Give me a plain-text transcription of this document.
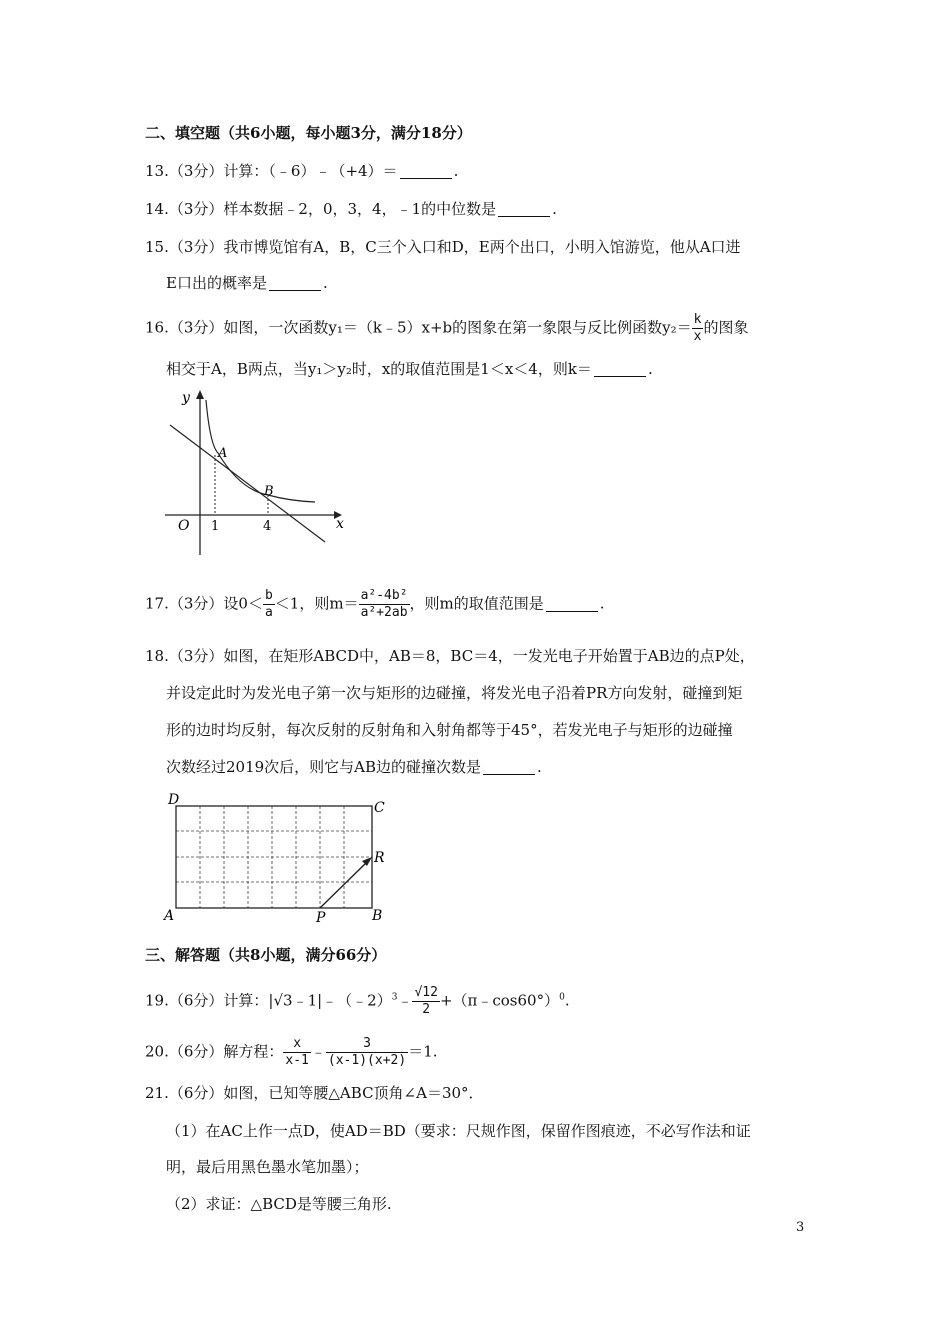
二、填空题（共6小题，每小题3分，满分18分）
13.（3分）计算：（﹣6）﹣（+4）＝	.
14.（3分）样本数据﹣2，0，3，4，﹣1的中位数是	.
15.（3分）我市博览馆有A，B，C三个入口和D，E两个出口，小明入馆游览，他从A口进
E口出的概率是	.
16.（3分）如图，一次函数y₁＝（k﹣5）x+b的图象在第一象限与反比例函数$y_2= \frac{k}{x}$ 的图象
相交于A，B两点，当y₁＞y₂时，x的取值范围是1＜x＜4，则k＝	.
y
x
O
A
B
1	4
17.（3分）设$0< \frac{b}{a} <1$，则$m= \frac{\text{a²-4b²}}{\text{a²+2ab}}$ ，则m的取值范围是	.
18.（3分）如图，在矩形ABCD中，AB＝8，BC＝4，一发光电子开始置于AB边的点P处，
并设定此时为发光电子第一次与矩形的边碰撞，将发光电子沿着PR方向发射，碰撞到矩
形的边时均反射，每次反射的反射角和入射角都等于45°，若发光电子与矩形的边碰撞
次数经过2019次后，则它与AB边的碰撞次数是	.
D	C
A	B
P
R
三、解答题（共8小题，满分66分）
19.（6分）计算：|√3﹣1|﹣（﹣2）$^3$﹣ $\frac{√12}{2}$ +（π﹣cos60°）$^0$.
20.（6分）解方程： $\frac{x}{x-1}$ ﹣ $\frac{3}{(x-1)(x+2)} =1$.
21.（6分）如图，已知等腰△ABC顶角∠A＝30°．
（1）在AC上作一点D，使AD＝BD（要求：尺规作图，保留作图痕迹，不必写作法和证
明，最后用黑色墨水笔加墨）；
（2）求证：△BCD是等腰三角形.
3
